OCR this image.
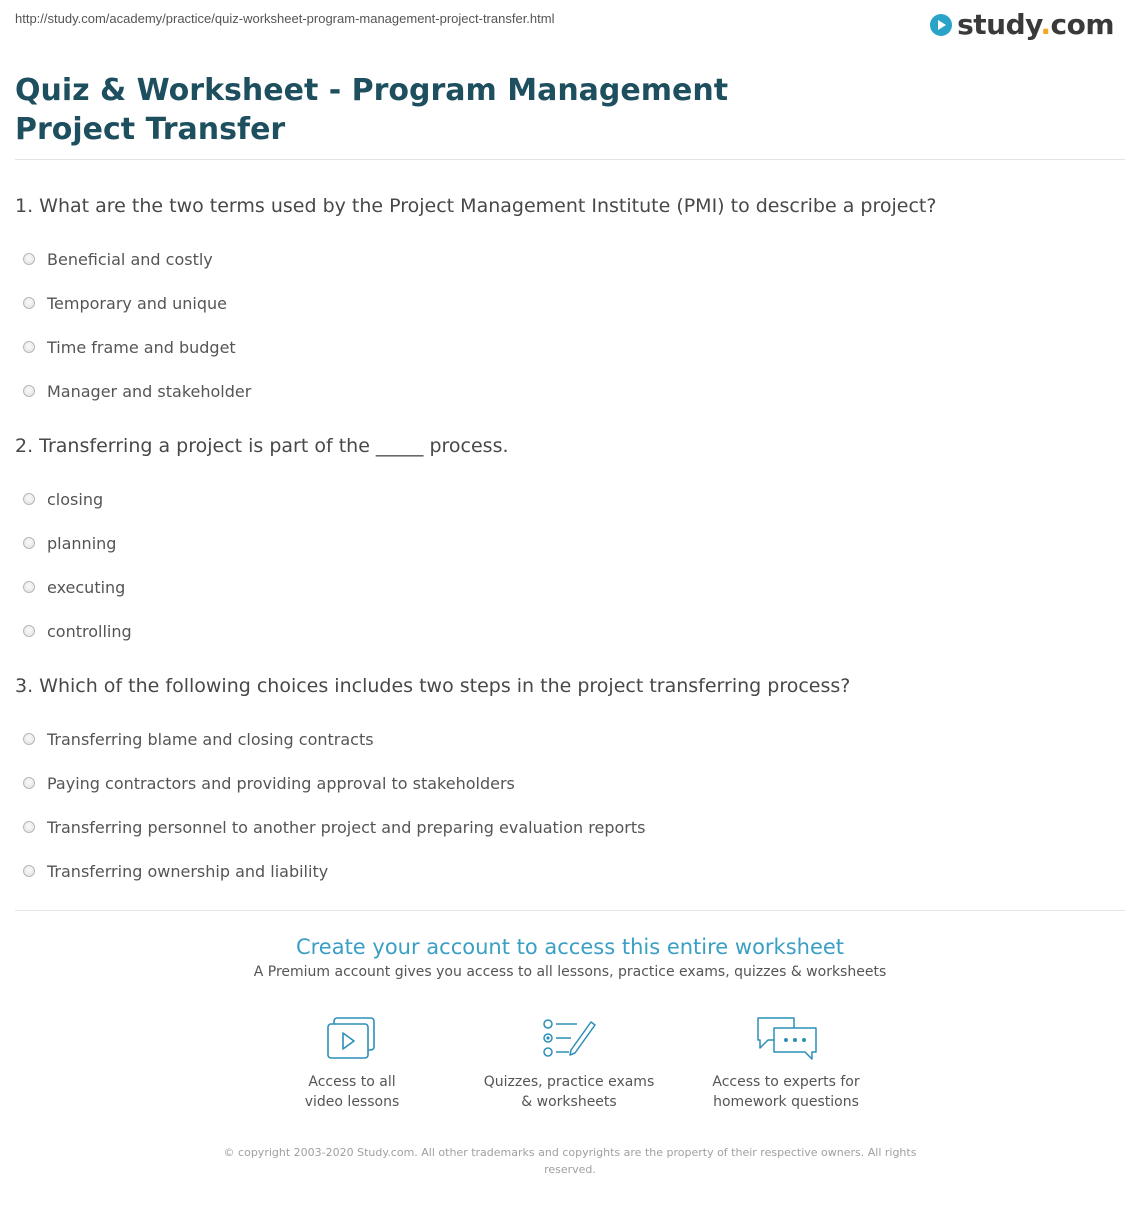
http://study.com/academy/practice/quiz-worksheet-program-management-project-transfer.html	study.com
Quiz & Worksheet - Program Management Project Transfer
1. What are the two terms used by the Project Management Institute (PMI) to describe a project?
Beneficial and costly
Temporary and unique
Time frame and budget
Manager and stakeholder
2. Transferring a project is part of the _____ process.
closing
planning
executing
controlling
3. Which of the following choices includes two steps in the project transferring process?
Transferring blame and closing contracts
Paying contractors and providing approval to stakeholders
Transferring personnel to another project and preparing evaluation reports
Transferring ownership and liability
Create your account to access this entire worksheet
A Premium account gives you access to all lessons, practice exams, quizzes & worksheets
Access to all
video lessons
Quizzes, practice exams
& worksheets
Access to experts for
homework questions
© copyright 2003-2020 Study.com. All other trademarks and copyrights are the property of their respective owners. All rights reserved.
